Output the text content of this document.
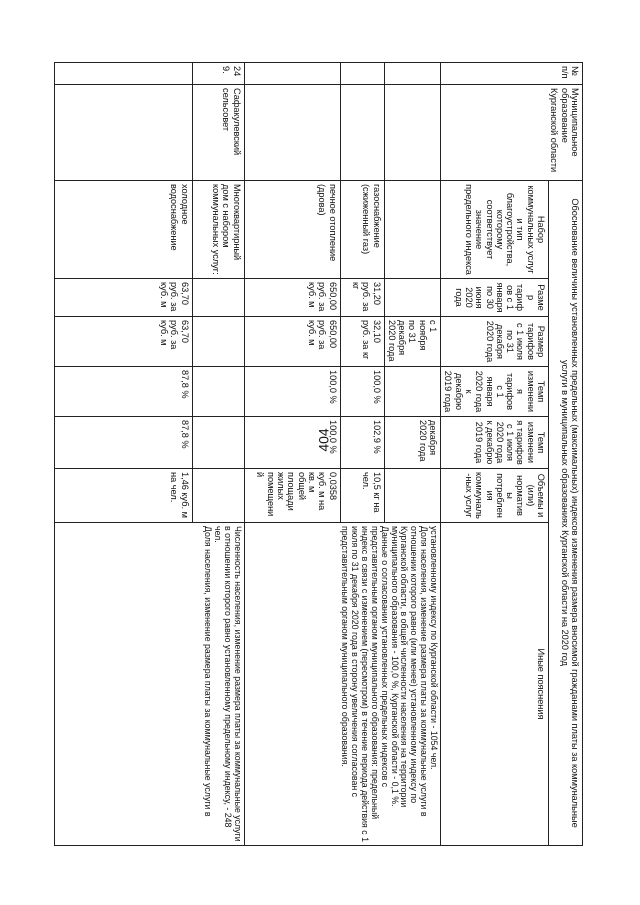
404
№ п/п	Муниципальное образование Курганской области	Обоснование величины установленных предельных (максимальных) индексов изменения размера вносимой гражданами платы за коммунальные услуги в муниципальных образованиях Курганской области на 2020 год						
		Набор коммунальных услуг и тип благоустройства, которому соответствует значение предельного индекса	Размер тарифов с 1 января по 30 июня 2020 года	Размер тарифов с 1 июля по 31 декабря 2020 года	Темп изменения тарифов с 1 января 2020 года к декабрю 2019 года	Темп изменения тарифов с 1 июля 2020 года к декабрю 2019 года	Объемы и (или) нормативы потребления коммуналь-ных услуг	Иные пояснения
				с 1 ноября по 31 декабря 2020 года		декабря 2020 года		установленному индексу по Курганской области - 1054 чел.
Доля населения, изменение размера платы за коммунальные услуги в отношении которого равно (или менее) установленному индексу по Курганской области, в общей численности населения на территории муниципального образования - 100,0 %, Курганской области - 0,1 %.
Данные о согласовании установленных предельных индексов с представительным органом муниципального образования: предельный индекс в связи с изменением (пересмотром) в течение периода действия с 1 июля по 31 декабря 2020 года в сторону увеличения согласован с представительным органом муниципального образования.
		газоснабжение (сжиженный газ)	31,20 руб. за кг	32,10 руб. за кг	100,0 %	102,9 %	10,5 кг на чел.	
		печное отопление (дрова)	650,00 руб. за куб. м	650,00 руб. за куб. м	100,0 %	100,0 %	0,0358 куб. м на кв. м общей площади жилых помещений	
249.	Сафакулевский сельсовет	Многоквартирный дом с набором коммунальных услуг:						Численность населения, изменение размера платы за коммунальные услуги в отношении которого равно установленному предельному индексу, - 248 чел.
Доля населения, изменение размера платы за коммунальные услуги в
		холодное водоснабжение	63,70 руб. за куб. м	63,70 руб. за куб. м	87,8 %	87,8 %	1,46 куб. м на чел.	
